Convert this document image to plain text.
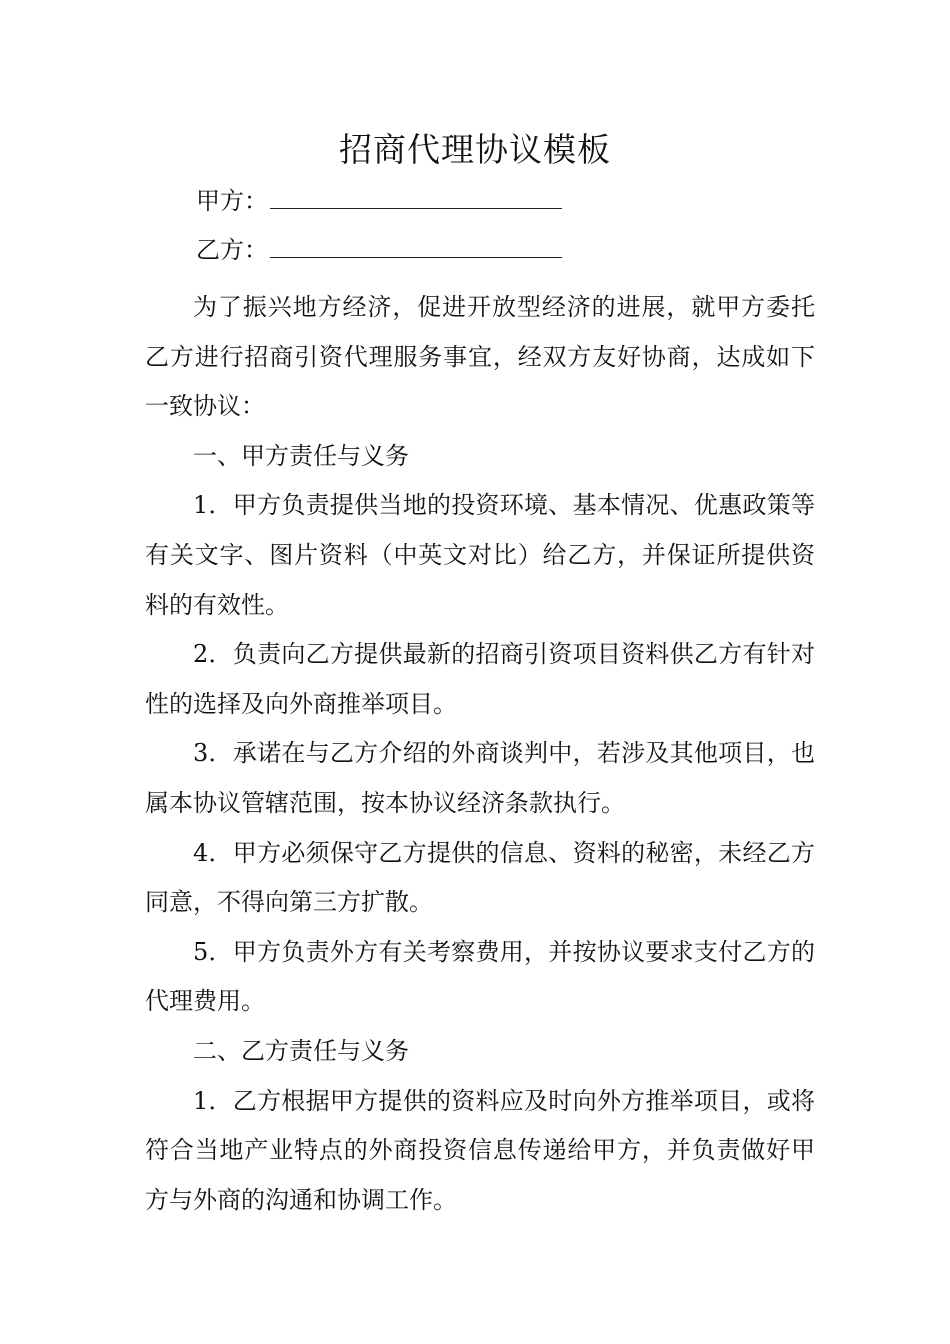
招商代理协议模板
甲方：
乙方：

为了振兴地方经济，促进开放型经济的进展，就甲方委托乙方进行招商引资代理服务事宜，经双方友好协商，达成如下一致协议：

一、甲方责任与义务

1．甲方负责提供当地的投资环境、基本情况、优惠政策等有关文字、图片资料（中英文对比）给乙方，并保证所提供资料的有效性。

2．负责向乙方提供最新的招商引资项目资料供乙方有针对性的选择及向外商推举项目。

3．承诺在与乙方介绍的外商谈判中，若涉及其他项目，也属本协议管辖范围，按本协议经济条款执行。

4．甲方必须保守乙方提供的信息、资料的秘密，未经乙方同意，不得向第三方扩散。

5．甲方负责外方有关考察费用，并按协议要求支付乙方的代理费用。

二、乙方责任与义务

1．乙方根据甲方提供的资料应及时向外方推举项目，或将符合当地产业特点的外商投资信息传递给甲方，并负责做好甲方与外商的沟通和协调工作。
